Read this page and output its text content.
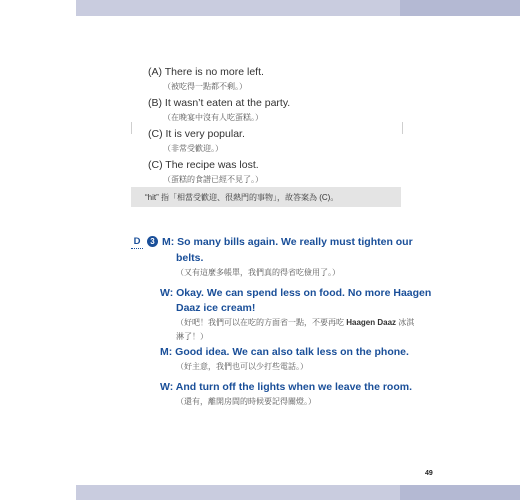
(A) There is no more left.
（被吃得一點都不剩。）
(B) It wasn’t eaten at the party.
（在晚宴中沒有人吃蛋糕。）
(C) It is very popular.
（非常受歡迎。）
(C) The recipe was lost.
（蛋糕的食譜已經不見了。）
“hit” 指「相當受歡迎、很熱門的事物」，故答案為 (C)。
D	3 M: So many bills again. We really must tighten our
belts.
（又有這麼多帳單，我們真的得省吃儉用了。）
W: Okay. We can spend less on food. No more Haagen
Daaz ice cream!
（好吧！我們可以在吃的方面省一點，不要再吃 Haagen Daaz 冰淇
淋了！）
M: Good idea. We can also talk less on the phone.
（好主意，我們也可以少打些電話。）
W: And turn off the lights when we leave the room.
（還有，離開房間的時候要記得關燈。）
49
